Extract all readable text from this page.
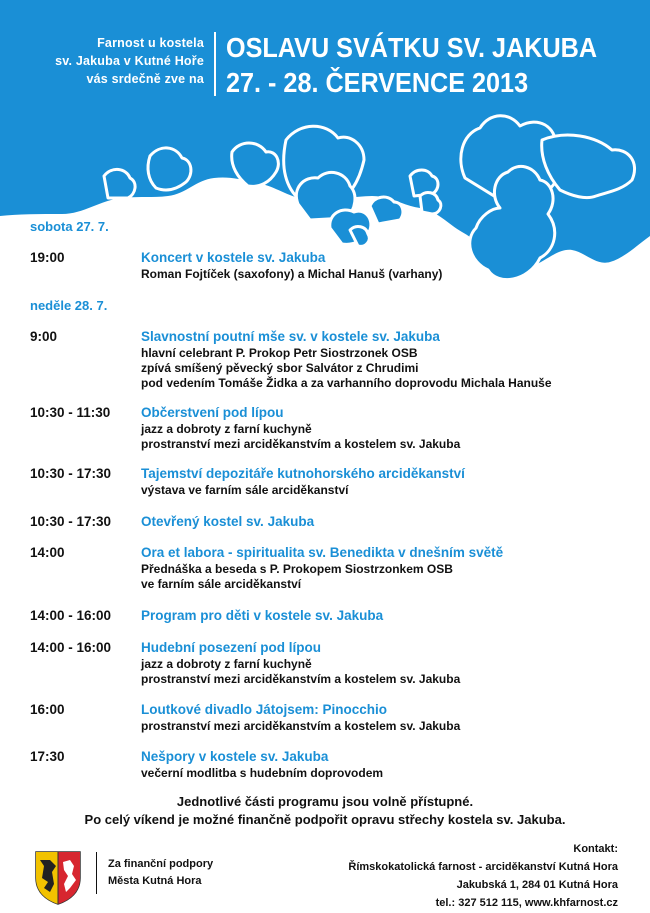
Farnost u kostela
sv. Jakuba v Kutné Hoře
vás srdečně zve na
OSLAVU SVÁTKU SV. JAKUBA
27. - 28. ČERVENCE 2013
sobota 27. 7.
19:00	Koncert v kostele sv. Jakuba
Roman Fojtíček (saxofony) a Michal Hanuš (varhany)
neděle 28. 7.
9:00	Slavnostní poutní mše sv. v kostele sv. Jakuba
hlavní celebrant P. Prokop Petr Siostrzonek OSB
zpívá smíšený pěvecký sbor Salvátor z Chrudimi
pod vedením Tomáše Židka a za varhanního doprovodu Michala Hanuše
10:30 - 11:30 Občerstvení pod lípou
jazz a dobroty z farní kuchyně
prostranství mezi arciděkanstvím a kostelem sv. Jakuba
10:30 - 17:30 Tajemství depozitáře kutnohorského arciděkanství
výstava ve farním sále arciděkanství
10:30 - 17:30 Otevřený kostel sv. Jakuba
14:00	Ora et labora - spiritualita sv. Benedikta v dnešním světě
Přednáška a beseda s P. Prokopem Siostrzonkem OSB
ve farním sále arciděkanství
14:00 - 16:00 Program pro děti v kostele sv. Jakuba
14:00 - 16:00 Hudební posezení pod lípou
jazz a dobroty z farní kuchyně
prostranství mezi arciděkanstvím a kostelem sv. Jakuba
16:00	Loutkové divadlo Játojsem: Pinocchio
prostranství mezi arciděkanstvím a kostelem sv. Jakuba
17:30	Nešpory v kostele sv. Jakuba
večerní modlitba s hudebním doprovodem
Jednotlivé části programu jsou volně přístupné.
Po celý víkend je možné finančně podpořit opravu střechy kostela sv. Jakuba.
Za finanční podpory
Města Kutná Hora
Kontakt:
Římskokatolická farnost - arciděkanství Kutná Hora
Jakubská 1, 284 01 Kutná Hora
tel.: 327 512 115, www.khfarnost.cz
